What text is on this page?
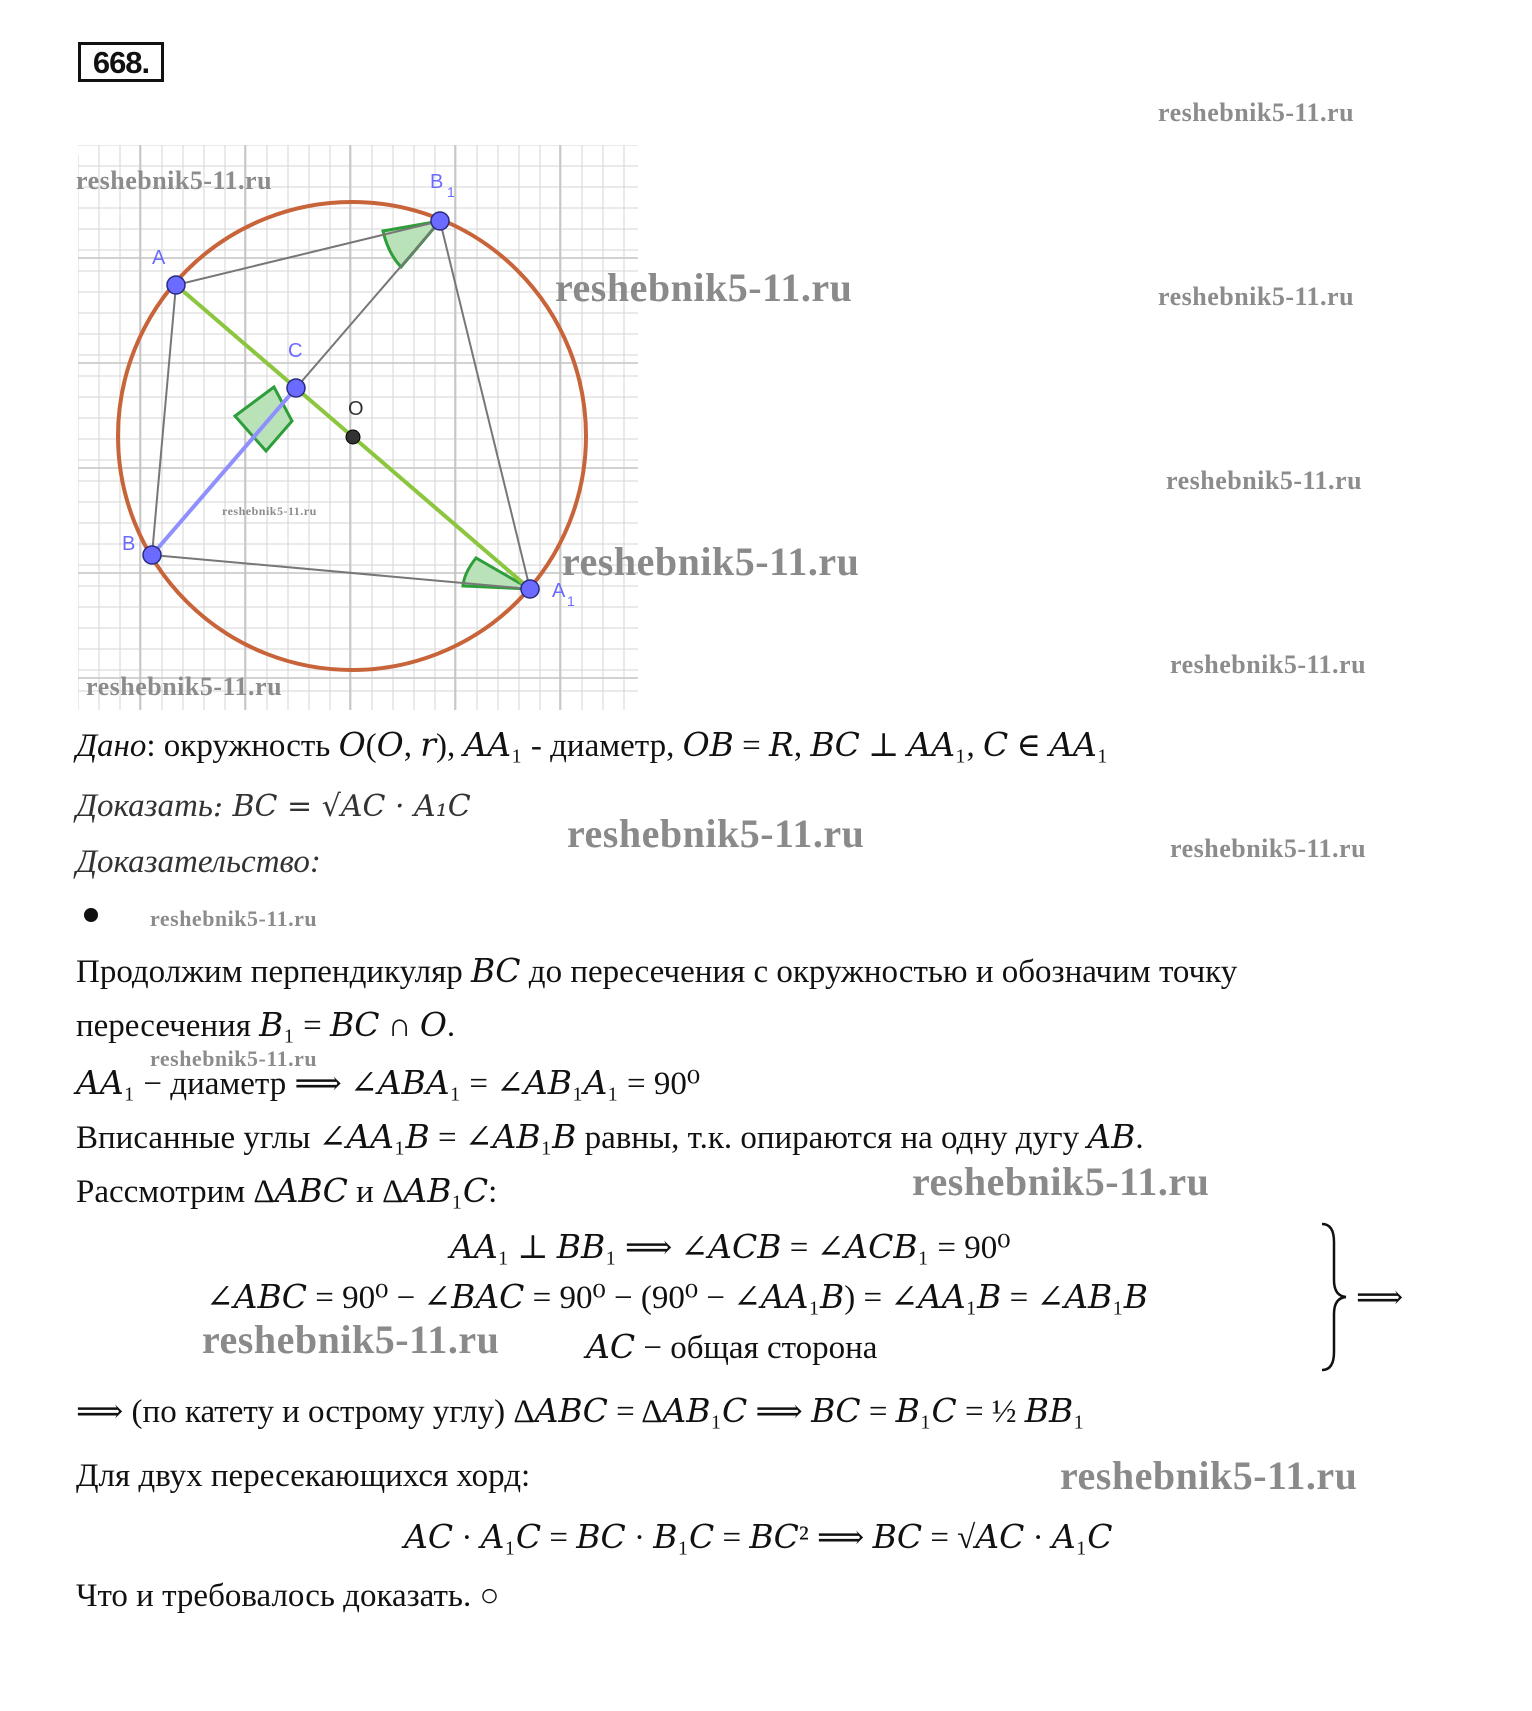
668.
A
B 1
C
B
A 1
O
reshebnik5-11.ru
reshebnik5-11.ru
reshebnik5-11.ru	reshebnik5-11.ru
reshebnik5-11.ru
reshebnik5-11.ru
reshebnik5-11.ru
reshebnik5-11.ru
reshebnik5-11.ru
reshebnik5-11.ru	reshebnik5-11.ru
reshebnik5-11.ru
reshebnik5-11.ru
reshebnik5-11.ru
reshebnik5-11.ru
reshebnik5-11.ru
Дано: окружность 𝑂(𝑂, 𝑟), 𝐴𝐴₁ - диаметр, 𝑂𝐵 = 𝑅, 𝐵𝐶 ⊥ 𝐴𝐴₁, 𝐶 ∈ 𝐴𝐴₁
Доказать: 𝐵𝐶 = √𝐴𝐶 · 𝐴₁𝐶
Доказательство:
Продолжим перпендикуляр 𝐵𝐶 до пересечения с окружностью и обозначим точку
пересечения 𝐵₁ = 𝐵𝐶 ∩ 𝑂.
𝐴𝐴₁ − диаметр ⟹ ∠𝐴𝐵𝐴₁ = ∠𝐴𝐵₁𝐴₁ = 90⁰
Вписанные углы ∠𝐴𝐴₁𝐵 = ∠𝐴𝐵₁𝐵 равны, т.к. опираются на одну дугу 𝐴𝐵.
Рассмотрим Δ𝐴𝐵𝐶 и Δ𝐴𝐵₁𝐶:
𝐴𝐴₁ ⊥ 𝐵𝐵₁ ⟹ ∠𝐴𝐶𝐵 = ∠𝐴𝐶𝐵₁ = 90⁰
∠𝐴𝐵𝐶 = 90⁰ − ∠𝐵𝐴𝐶 = 90⁰ − (90⁰ − ∠𝐴𝐴₁𝐵) = ∠𝐴𝐴₁𝐵 = ∠𝐴𝐵₁𝐵
𝐴𝐶 − общая сторона
⟹
⟹ (по катету и острому углу) Δ𝐴𝐵𝐶 = Δ𝐴𝐵₁𝐶 ⟹ 𝐵𝐶 = 𝐵₁𝐶 = ½ 𝐵𝐵₁
Для двух пересекающихся хорд:
𝐴𝐶 · 𝐴₁𝐶 = 𝐵𝐶 · 𝐵₁𝐶 = 𝐵𝐶² ⟹ 𝐵𝐶 = √𝐴𝐶 · 𝐴₁𝐶
Что и требовалось доказать. ○
